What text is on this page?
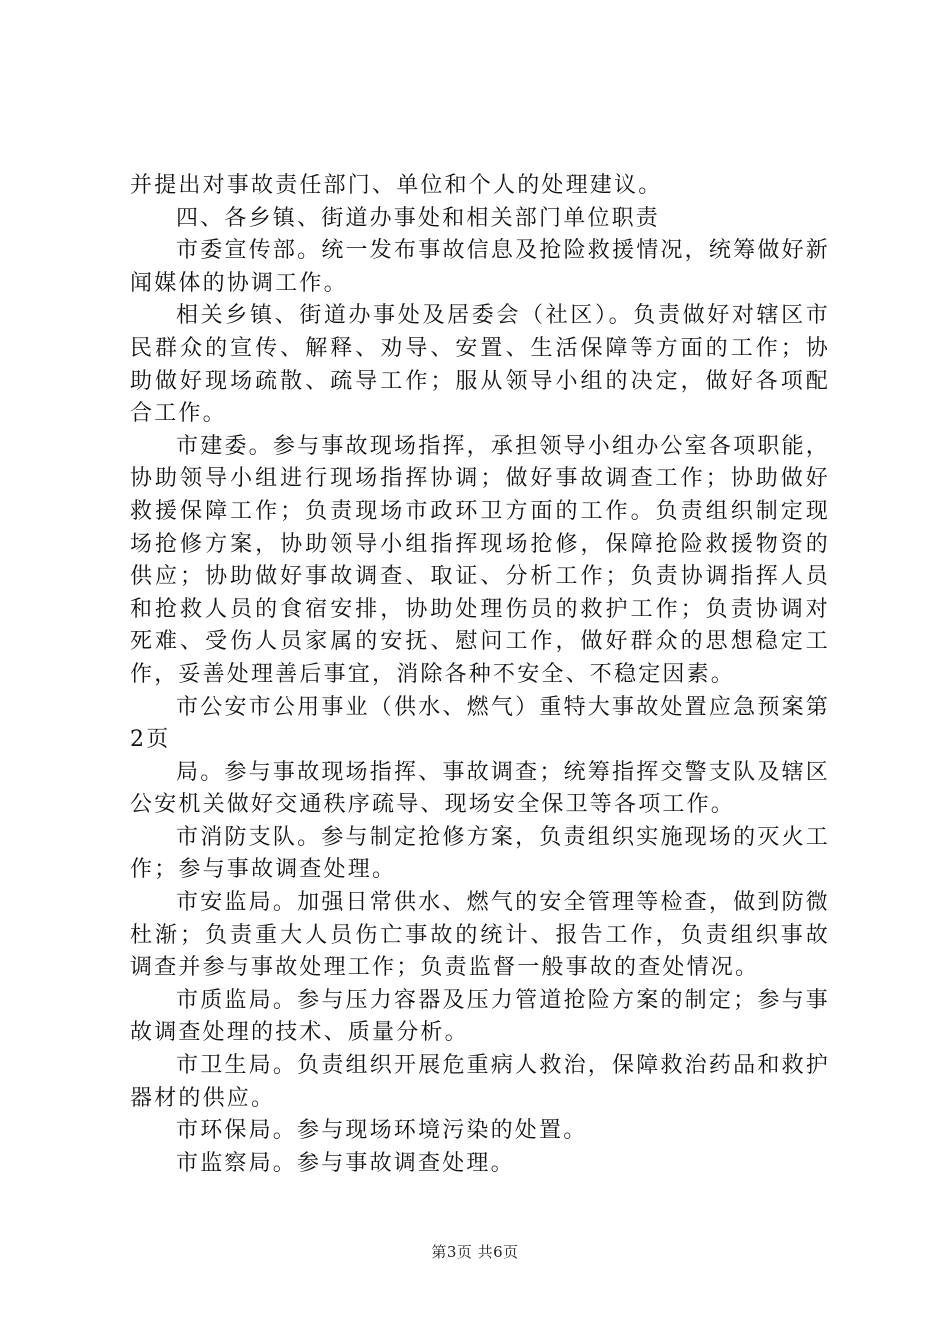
并提出对事故责任部门、单位和个人的处理建议。

四、各乡镇、街道办事处和相关部门单位职责

市委宣传部。统一发布事故信息及抢险救援情况，统筹做好新闻媒体的协调工作。

相关乡镇、街道办事处及居委会（社区）。负责做好对辖区市民群众的宣传、解释、劝导、安置、生活保障等方面的工作；协助做好现场疏散、疏导工作；服从领导小组的决定，做好各项配合工作。

市建委。参与事故现场指挥，承担领导小组办公室各项职能，协助领导小组进行现场指挥协调；做好事故调查工作；协助做好救援保障工作；负责现场市政环卫方面的工作。负责组织制定现场抢修方案，协助领导小组指挥现场抢修，保障抢险救援物资的供应；协助做好事故调查、取证、分析工作；负责协调指挥人员和抢救人员的食宿安排，协助处理伤员的救护工作；负责协调对死难、受伤人员家属的安抚、慰问工作，做好群众的思想稳定工作，妥善处理善后事宜，消除各种不安全、不稳定因素。

市公安市公用事业（供水、燃气）重特大事故处置应急预案第2页

局。参与事故现场指挥、事故调查；统筹指挥交警支队及辖区公安机关做好交通秩序疏导、现场安全保卫等各项工作。

市消防支队。参与制定抢修方案，负责组织实施现场的灭火工作；参与事故调查处理。

市安监局。加强日常供水、燃气的安全管理等检查，做到防微杜渐；负责重大人员伤亡事故的统计、报告工作，负责组织事故调查并参与事故处理工作；负责监督一般事故的查处情况。

市质监局。参与压力容器及压力管道抢险方案的制定；参与事故调查处理的技术、质量分析。

市卫生局。负责组织开展危重病人救治，保障救治药品和救护器材的供应。

市环保局。参与现场环境污染的处置。

市监察局。参与事故调查处理。

第3页 共6页
